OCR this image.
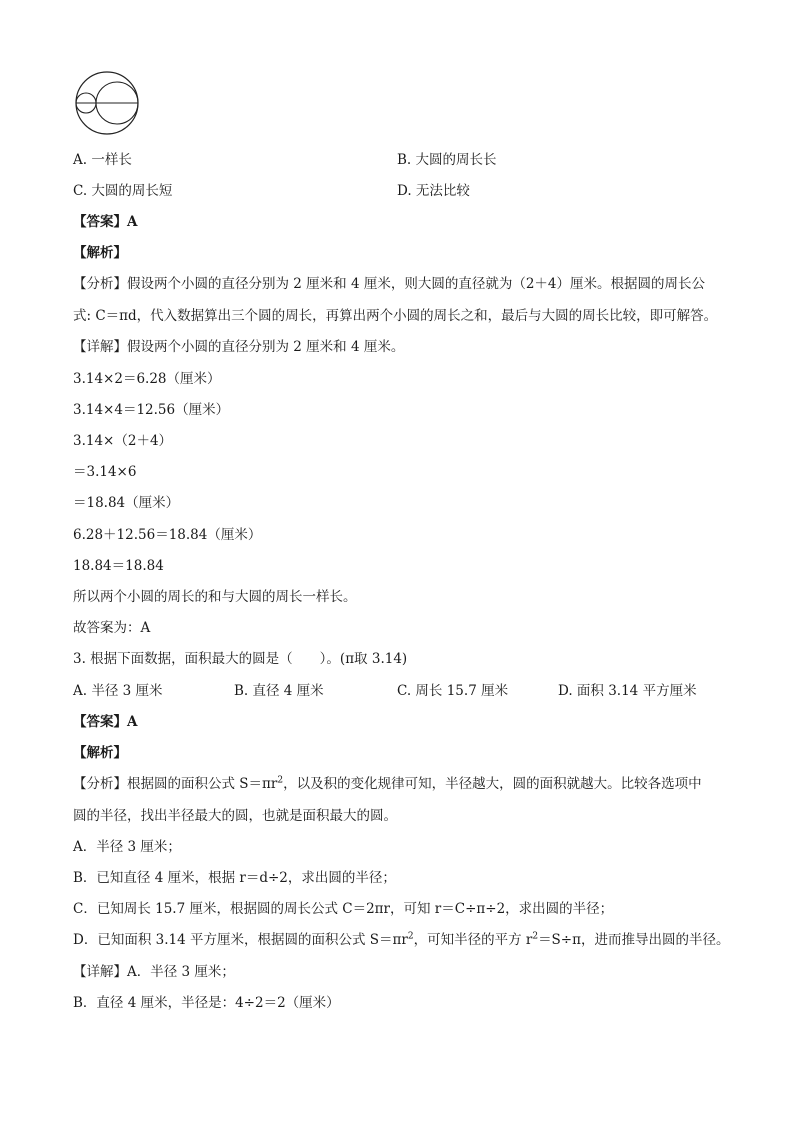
A. 一样长	B. 大圆的周长长
C. 大圆的周长短	D. 无法比较
【答案】A
【解析】
【分析】假设两个小圆的直径分别为 2 厘米和 4 厘米，则大圆的直径就为（2＋4）厘米。根据圆的周长公
式: C＝πd，代入数据算出三个圆的周长，再算出两个小圆的周长之和，最后与大圆的周长比较，即可解答。
【详解】假设两个小圆的直径分别为 2 厘米和 4 厘米。
3.14×2＝6.28（厘米）
3.14×4＝12.56（厘米）
3.14×（2＋4）
＝3.14×6
＝18.84（厘米）
6.28＋12.56＝18.84（厘米）
18.84＝18.84
所以两个小圆的周长的和与大圆的周长一样长。
故答案为：A
3. 根据下面数据，面积最大的圆是（　　）。(π取 3.14)
A. 半径 3 厘米	B. 直径 4 厘米	C. 周长 15.7 厘米	D. 面积 3.14 平方厘米
【答案】A
【解析】
【分析】根据圆的面积公式 $S=\pi r^2$，以及积的变化规律可知，半径越大，圆的面积就越大。比较各选项中
圆的半径，找出半径最大的圆，也就是面积最大的圆。
A．半径 3 厘米；
B．已知直径 4 厘米，根据 r＝d÷2，求出圆的半径；
C．已知周长 15.7 厘米，根据圆的周长公式 C＝2πr，可知 r＝C÷π÷2，求出圆的半径；
D．已知面积 3.14 平方厘米，根据圆的面积公式 $S=\pi r^2$，可知半径的平方 $r^2=S\div\pi$，进而推导出圆的半径。
【详解】A．半径 3 厘米；
B．直径 4 厘米，半径是：4÷2＝2（厘米）
